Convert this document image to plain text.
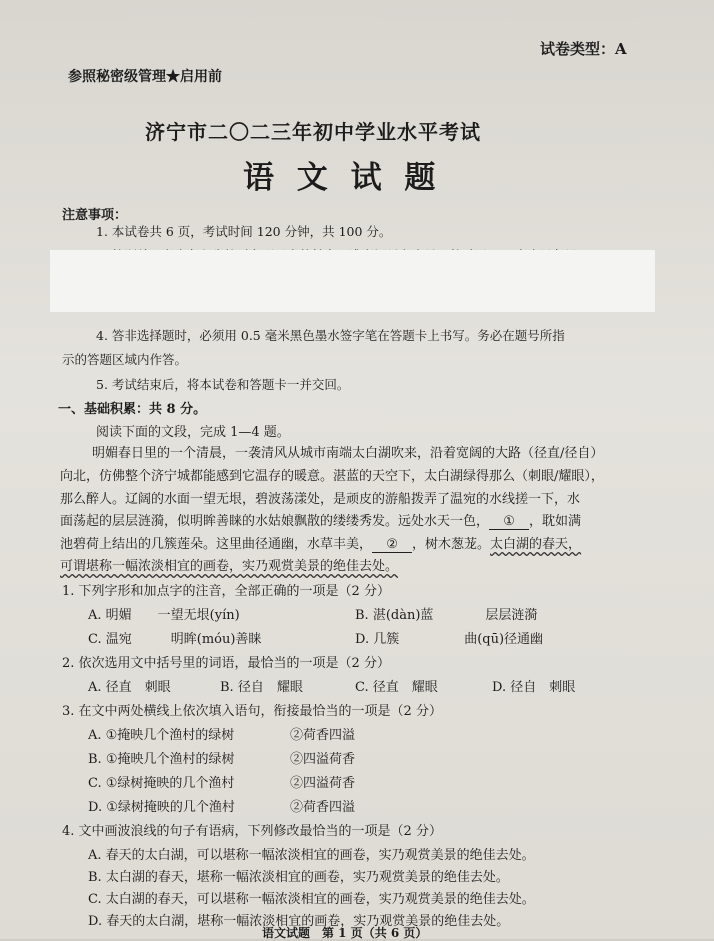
试卷类型：A
参照秘密级管理★启用前
济宁市二〇二三年初中学业水平考试
语 文 试 题
注意事项：
1. 本试卷共 6 页，考试时间 120 分钟，共 100 分。
4. 答非选择题时，必须用 0.5 毫米黑色墨水签字笔在答题卡上书写。务必在题号所指
示的答题区域内作答。
5. 考试结束后，将本试卷和答题卡一并交回。
一、基础积累：共 8 分。
阅读下面的文段，完成 1—4 题。
明媚春日里的一个清晨，一袭清风从城市南端太白湖吹来，沿着宽阔的大路（径直/径自）
向北，仿佛整个济宁城都能感到它温存的暖意。湛蓝的天空下，太白湖绿得那么（刺眼/耀眼），
那么醉人。辽阔的水面一望无垠，碧波荡漾处，是顽皮的游船拨弄了温宛的水线搓一下，水
面荡起的层层涟漪，似明眸善睐的水姑娘飘散的缕缕秀发。远处水天一色， ① ，耽如满
池碧荷上结出的几簇莲朵。这里曲径通幽，水草丰美， ② ，树木葱茏。太白湖的春天，
可谓堪称一幅浓淡相宜的画卷，实乃观赏美景的绝佳去处。
1. 下列字形和加点字的注音，全部正确的一项是（2 分）
A. 明媚　　一望无垠(yín)	B. 湛(dàn)蓝　　　　层层涟漪
C. 温宛　　　明眸(móu)善睐	D. 几簇　　　　　曲(qū)径通幽
2. 依次选用文中括号里的词语，最恰当的一项是（2 分）
A. 径直　刺眼	B. 径自　耀眼	C. 径直　耀眼	D. 径自　刺眼
3. 在文中两处横线上依次填入语句，衔接最恰当的一项是（2 分）
A. ①掩映几个渔村的绿树	②荷香四溢
B. ①掩映几个渔村的绿树	②四溢荷香
C. ①绿树掩映的几个渔村	②四溢荷香
D. ①绿树掩映的几个渔村	②荷香四溢
4. 文中画波浪线的句子有语病，下列修改最恰当的一项是（2 分）
A. 春天的太白湖，可以堪称一幅浓淡相宜的画卷，实乃观赏美景的绝佳去处。
B. 太白湖的春天，堪称一幅浓淡相宜的画卷，实乃观赏美景的绝佳去处。
C. 太白湖的春天，可以堪称一幅浓淡相宜的画卷，实乃观赏美景的绝佳去处。
D. 春天的太白湖，堪称一幅浓淡相宜的画卷，实乃观赏美景的绝佳去处。
语文试题　第 1 页（共 6 页）
